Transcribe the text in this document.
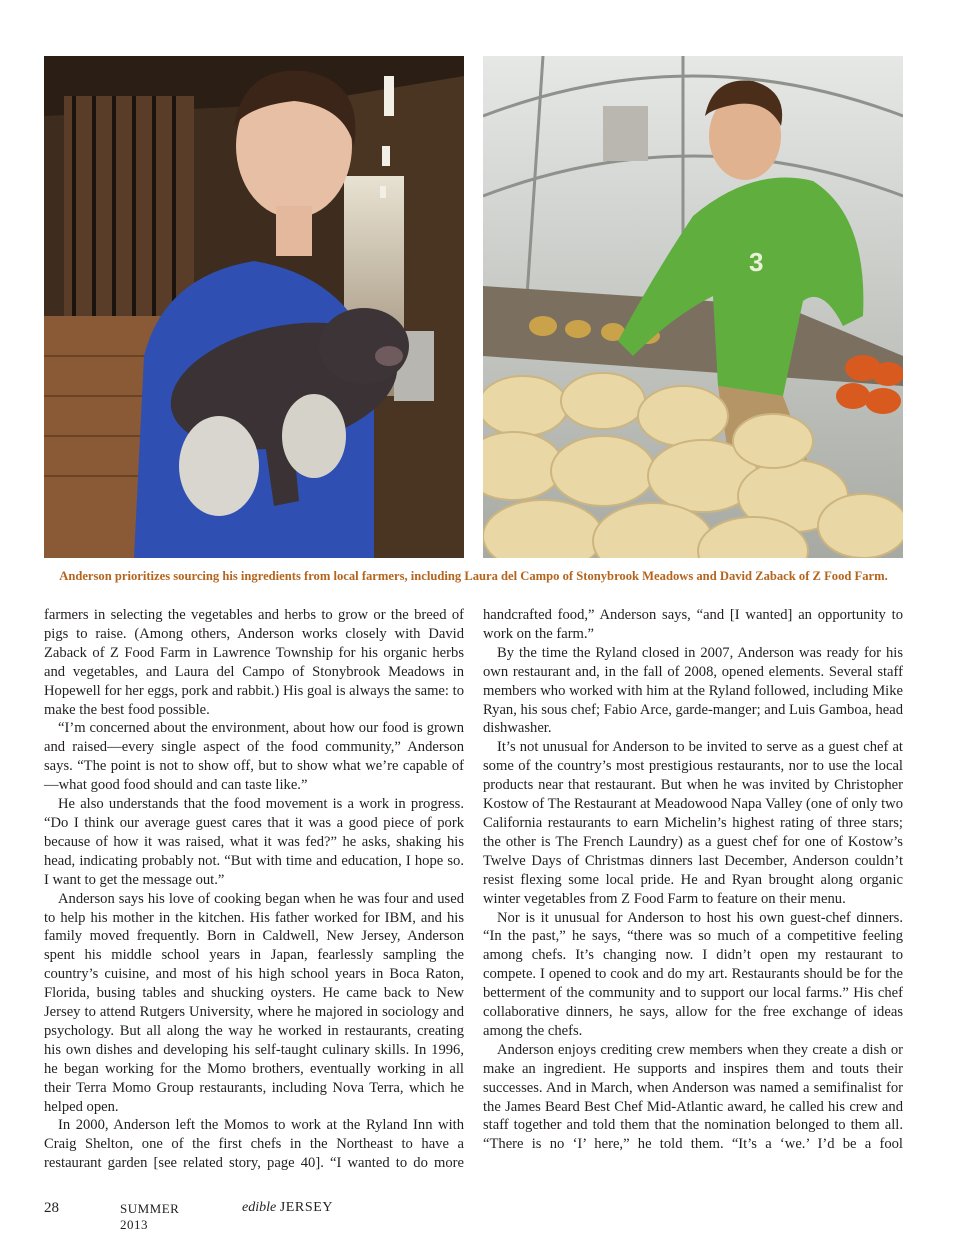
3
Anderson prioritizes sourcing his ingredients from local farmers, including Laura del Campo of Stonybrook Meadows and David Zaback of Z Food Farm.

farmers in selecting the vegetables and herbs to grow or the breed of pigs to raise. (Among others, Anderson works closely with David Zaback of Z Food Farm in Lawrence Township for his organic herbs and vegetables, and Laura del Campo of Stonybrook Meadows in Hopewell for her eggs, pork and rabbit.) His goal is always the same: to make the best food possible.

“I’m concerned about the environment, about how our food is grown and raised—every single aspect of the food community,” Anderson says. “The point is not to show off, but to show what we’re capable of—what good food should and can taste like.”

He also understands that the food movement is a work in progress. “Do I think our average guest cares that it was a good piece of pork because of how it was raised, what it was fed?” he asks, shaking his head, indicating probably not. “But with time and education, I hope so. I want to get the message out.”

Anderson says his love of cooking began when he was four and used to help his mother in the kitchen. His father worked for IBM, and his family moved frequently. Born in Caldwell, New Jersey, Anderson spent his middle school years in Japan, fearlessly sampling the country’s cuisine, and most of his high school years in Boca Raton, Florida, busing tables and shucking oysters. He came back to New Jersey to attend Rutgers University, where he majored in sociology and psychology. But all along the way he worked in restaurants, creating his own dishes and developing his self-taught culinary skills. In 1996, he began working for the Momo brothers, eventually working in all their Terra Momo Group restaurants, including Nova Terra, which he helped open.

In 2000, Anderson left the Momos to work at the Ryland Inn with Craig Shelton, one of the first chefs in the Northeast to have a restaurant garden [see related story, page 40]. “I wanted to do more

handcrafted food,” Anderson says, “and [I wanted] an opportunity to work on the farm.”

By the time the Ryland closed in 2007, Anderson was ready for his own restaurant and, in the fall of 2008, opened elements. Several staff members who worked with him at the Ryland followed, including Mike Ryan, his sous chef; Fabio Arce, garde-manger; and Luis Gamboa, head dishwasher.

It’s not unusual for Anderson to be invited to serve as a guest chef at some of the country’s most prestigious restaurants, nor to use the local products near that restaurant. But when he was invited by Christopher Kostow of The Restaurant at Meadowood Napa Valley (one of only two California restaurants to earn Michelin’s highest rating of three stars; the other is The French Laundry) as a guest chef for one of Kostow’s Twelve Days of Christmas dinners last December, Anderson couldn’t resist flexing some local pride. He and Ryan brought along organic winter vegetables from Z Food Farm to feature on their menu.

Nor is it unusual for Anderson to host his own guest-chef dinners. “In the past,” he says, “there was so much of a competitive feeling among chefs. It’s changing now. I didn’t open my restaurant to compete. I opened to cook and do my art. Restaurants should be for the betterment of the community and to support our local farms.” His chef collaborative dinners, he says, allow for the free exchange of ideas among the chefs.

Anderson enjoys crediting crew members when they create a dish or make an ingredient. He supports and inspires them and touts their successes. And in March, when Anderson was named a semifinalist for the James Beard Best Chef Mid-Atlantic award, he called his crew and staff together and told them that the nomination belonged to them all. “There is no ‘I’ here,” he told them. “It’s a ‘we.’ I’d be a fool

28	SUMMER 2013
edible JERSEY
